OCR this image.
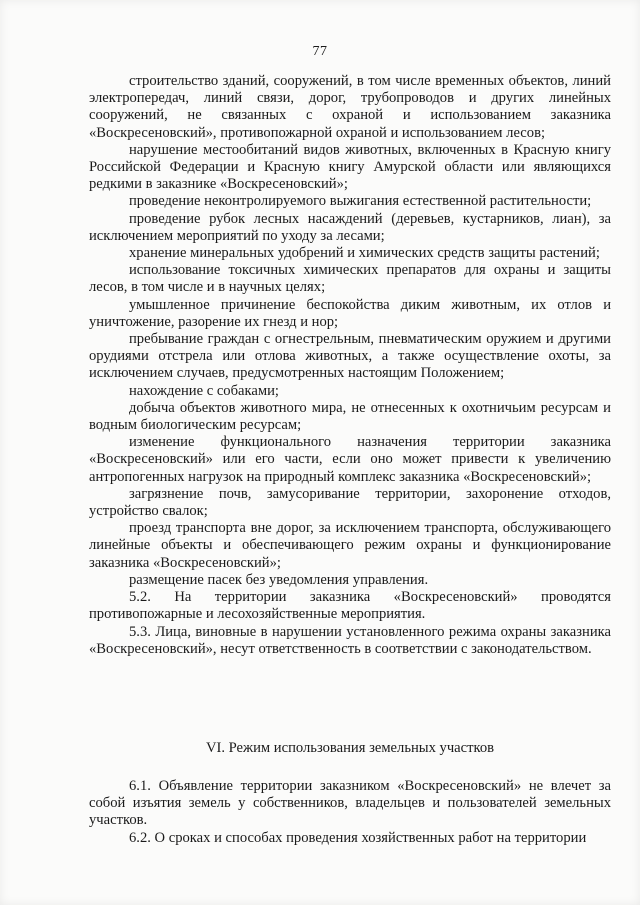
77

строительство зданий, сооружений, в том числе временных объектов, линий электропередач, линий связи, дорог, трубопроводов и других линейных сооружений, не связанных с охраной и использованием заказника «Воскресеновский», противопожарной охраной и использованием лесов;

нарушение местообитаний видов животных, включенных в Красную книгу Российской Федерации и Красную книгу Амурской области или являющихся редкими в заказнике «Воскресеновский»;

проведение неконтролируемого выжигания естественной растительности;

проведение рубок лесных насаждений (деревьев, кустарников, лиан), за исключением мероприятий по уходу за лесами;

хранение минеральных удобрений и химических средств защиты растений;

использование токсичных химических препаратов для охраны и защиты лесов, в том числе и в научных целях;

умышленное причинение беспокойства диким животным, их отлов и уничтожение, разорение их гнезд и нор;

пребывание граждан с огнестрельным, пневматическим оружием и другими орудиями отстрела или отлова животных, а также осуществление охоты, за исключением случаев, предусмотренных настоящим Положением;

нахождение с собаками;

добыча объектов животного мира, не отнесенных к охотничьим ресурсам и водным биологическим ресурсам;

изменение функционального назначения территории заказника «Воскресеновский» или его части, если оно может привести к увеличению антропогенных нагрузок на природный комплекс заказника «Воскресеновский»;

загрязнение почв, замусоривание территории, захоронение отходов, устройство свалок;

проезд транспорта вне дорог, за исключением транспорта, обслуживающего линейные объекты и обеспечивающего режим охраны и функционирование заказника «Воскресеновский»;

размещение пасек без уведомления управления.

5.2. На территории заказника «Воскресеновский» проводятся противопожарные и лесохозяйственные мероприятия.

5.3. Лица, виновные в нарушении установленного режима охраны заказника «Воскресеновский», несут ответственность в соответствии с законодательством.

VI. Режим использования земельных участков

6.1. Объявление территории заказником «Воскресеновский» не влечет за собой изъятия земель у собственников, владельцев и пользователей земельных участков.

6.2. О сроках и способах проведения хозяйственных работ на территории
